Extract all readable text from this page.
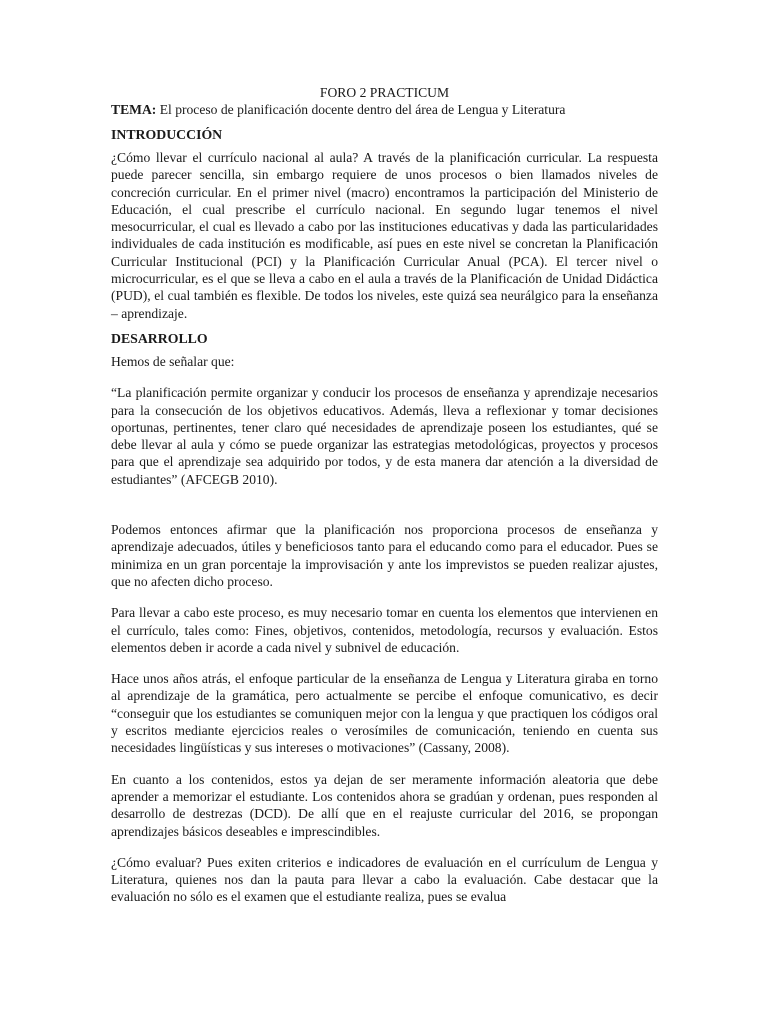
FORO 2 PRACTICUM

TEMA: El proceso de planificación docente dentro del área de Lengua y Literatura

INTRODUCCIÓN

¿Cómo llevar el currículo nacional al aula? A través de la planificación curricular. La respuesta puede parecer sencilla, sin embargo requiere de unos procesos o bien llamados niveles de concreción curricular. En el primer nivel (macro) encontramos la participación del Ministerio de Educación, el cual prescribe el currículo nacional. En segundo lugar tenemos el nivel mesocurricular, el cual es llevado a cabo por las instituciones educativas y dada las particularidades individuales de cada institución es modificable, así pues en este nivel se concretan la Planificación Curricular Institucional (PCI) y la Planificación Curricular Anual (PCA). El tercer nivel o microcurricular, es el que se lleva a cabo en el aula a través de la Planificación de Unidad Didáctica (PUD), el cual también es flexible. De todos los niveles, este quizá sea neurálgico para la enseñanza – aprendizaje.

DESARROLLO

Hemos de señalar que:

“La planificación permite organizar y conducir los procesos de enseñanza y aprendizaje necesarios para la consecución de los objetivos educativos. Además, lleva a reflexionar y tomar decisiones oportunas, pertinentes, tener claro qué necesidades de aprendizaje poseen los estudiantes, qué se debe llevar al aula y cómo se puede organizar las estrategias metodológicas, proyectos y procesos para que el aprendizaje sea adquirido por todos, y de esta manera dar atención a la diversidad de estudiantes” (AFCEGB 2010).

Podemos entonces afirmar que la planificación nos proporciona procesos de enseñanza y aprendizaje adecuados, útiles y beneficiosos tanto para el educando como para el educador. Pues se minimiza en un gran porcentaje la improvisación y ante los imprevistos se pueden realizar ajustes, que no afecten dicho proceso.

Para llevar a cabo este proceso, es muy necesario tomar en cuenta los elementos que intervienen en el currículo, tales como: Fines, objetivos, contenidos, metodología, recursos y evaluación. Estos elementos deben ir acorde a cada nivel y subnivel de educación.

Hace unos años atrás, el enfoque particular de la enseñanza de Lengua y Literatura giraba en torno al aprendizaje de la gramática, pero actualmente se percibe el enfoque comunicativo, es decir “conseguir que los estudiantes se comuniquen mejor con la lengua y que practiquen los códigos oral y escritos mediante ejercicios reales o verosímiles de comunicación, teniendo en cuenta sus necesidades lingüísticas y sus intereses o motivaciones” (Cassany, 2008).

En cuanto a los contenidos, estos ya dejan de ser meramente información aleatoria que debe aprender a memorizar el estudiante. Los contenidos ahora se gradúan y ordenan, pues responden al desarrollo de destrezas (DCD). De allí que en el reajuste curricular del 2016, se propongan aprendizajes básicos deseables e imprescindibles.

¿Cómo evaluar? Pues exiten criterios e indicadores de evaluación en el currículum de Lengua y Literatura, quienes nos dan la pauta para llevar a cabo la evaluación. Cabe destacar que la evaluación no sólo es el examen que el estudiante realiza, pues se evalua
